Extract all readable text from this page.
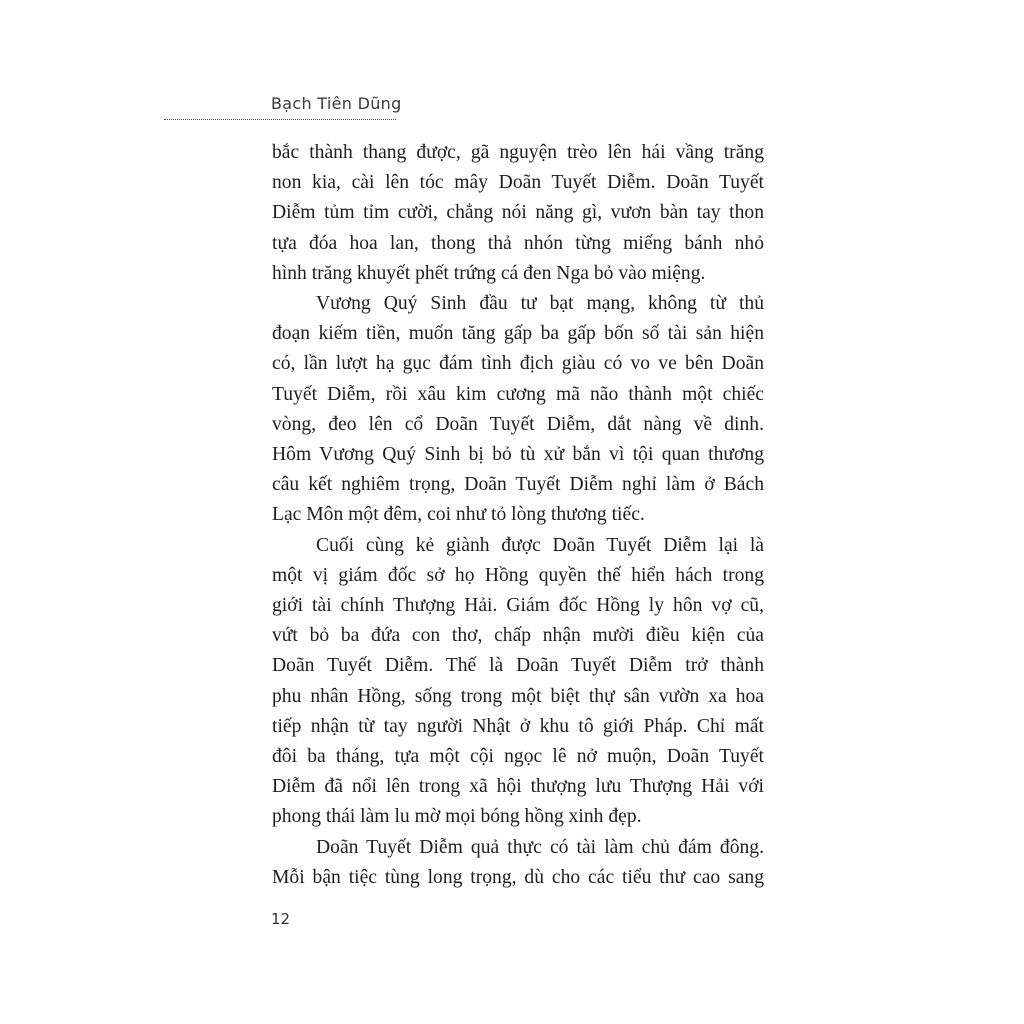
Bạch Tiên Dũng
bắc thành thang được, gã nguyện trèo lên hái vầng trăng
non kia, cài lên tóc mây Doãn Tuyết Diễm. Doãn Tuyết
Diễm tủm tỉm cười, chẳng nói năng gì, vươn bàn tay thon
tựa đóa hoa lan, thong thả nhón từng miếng bánh nhỏ
hình trăng khuyết phết trứng cá đen Nga bỏ vào miệng.
Vương Quý Sinh đầu tư bạt mạng, không từ thủ
đoạn kiếm tiền, muốn tăng gấp ba gấp bốn số tài sản hiện
có, lần lượt hạ gục đám tình địch giàu có vo ve bên Doãn
Tuyết Diễm, rồi xâu kim cương mã não thành một chiếc
vòng, đeo lên cổ Doãn Tuyết Diễm, dắt nàng về dinh.
Hôm Vương Quý Sinh bị bỏ tù xử bắn vì tội quan thương
câu kết nghiêm trọng, Doãn Tuyết Diễm nghỉ làm ở Bách
Lạc Môn một đêm, coi như tỏ lòng thương tiếc.
Cuối cùng kẻ giành được Doãn Tuyết Diễm lại là
một vị giám đốc sở họ Hồng quyền thế hiển hách trong
giới tài chính Thượng Hải. Giám đốc Hồng ly hôn vợ cũ,
vứt bỏ ba đứa con thơ, chấp nhận mười điều kiện của
Doãn Tuyết Diễm. Thế là Doãn Tuyết Diễm trở thành
phu nhân Hồng, sống trong một biệt thự sân vườn xa hoa
tiếp nhận từ tay người Nhật ở khu tô giới Pháp. Chỉ mất
đôi ba tháng, tựa một cội ngọc lê nở muộn, Doãn Tuyết
Diễm đã nổi lên trong xã hội thượng lưu Thượng Hải với
phong thái làm lu mờ mọi bóng hồng xinh đẹp.
Doãn Tuyết Diễm quả thực có tài làm chủ đám đông.
Mỗi bận tiệc tùng long trọng, dù cho các tiểu thư cao sang
12
